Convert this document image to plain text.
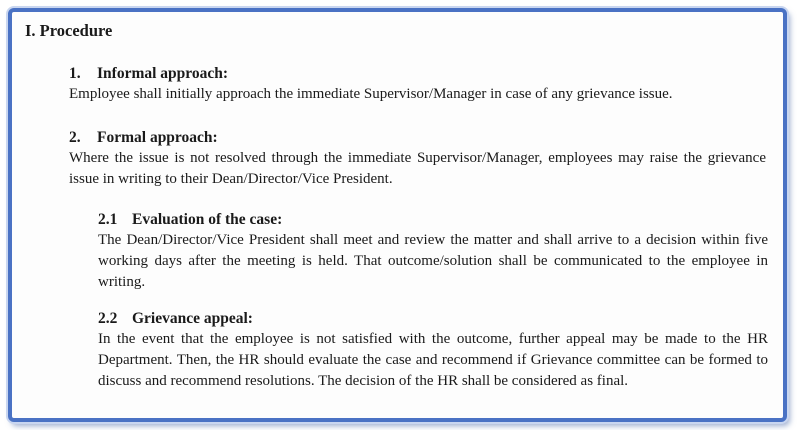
I. Procedure
1. Informal approach:

Employee shall initially approach the immediate Supervisor/Manager in case of any grievance issue.

2. Formal approach:

Where the issue is not resolved through the immediate Supervisor/Manager, employees may raise the grievance issue in writing to their Dean/Director/Vice President.

2.1 Evaluation of the case:

The Dean/Director/Vice President shall meet and review the matter and shall arrive to a decision within five working days after the meeting is held. That outcome/solution shall be communicated to the employee in writing.

2.2 Grievance appeal:

In the event that the employee is not satisfied with the outcome, further appeal may be made to the HR Department. Then, the HR should evaluate the case and recommend if Grievance committee can be formed to discuss and recommend resolutions. The decision of the HR shall be considered as final.
